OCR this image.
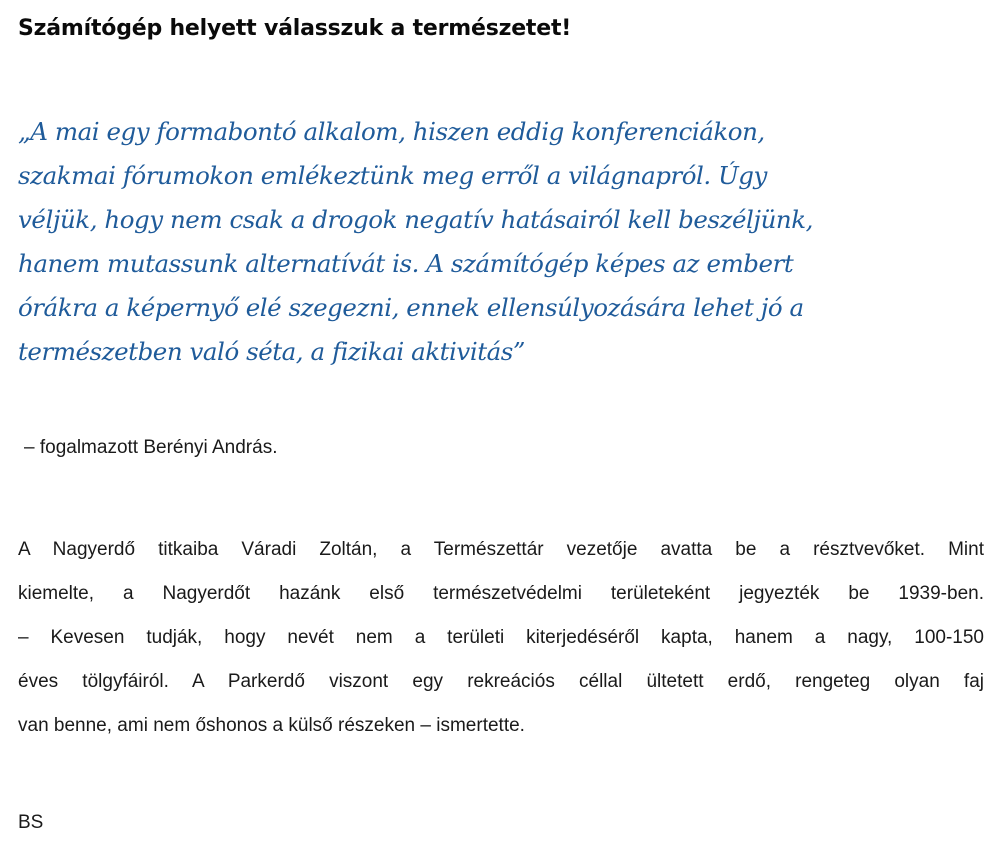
Számítógép helyett válasszuk a természetet!
„A mai egy formabontó alkalom, hiszen eddig konferenciákon,
szakmai fórumokon emlékeztünk meg erről a világnapról. Úgy
véljük, hogy nem csak a drogok negatív hatásairól kell beszéljünk,
hanem mutassunk alternatívát is. A számítógép képes az embert
órákra a képernyő elé szegezni, ennek ellensúlyozására lehet jó a
természetben való séta, a fizikai aktivitás”

– fogalmazott Berényi András.

A Nagyerdő titkaiba Váradi Zoltán, a Természettár vezetője avatta be a résztvevőket. Mint
kiemelte, a Nagyerdőt hazánk első természetvédelmi területeként jegyezték be 1939-ben.
– Kevesen tudják, hogy nevét nem a területi kiterjedéséről kapta, hanem a nagy, 100-150
éves tölgyfáiról. A Parkerdő viszont egy rekreációs céllal ültetett erdő, rengeteg olyan faj
van benne, ami nem őshonos a külső részeken – ismertette.

BS
